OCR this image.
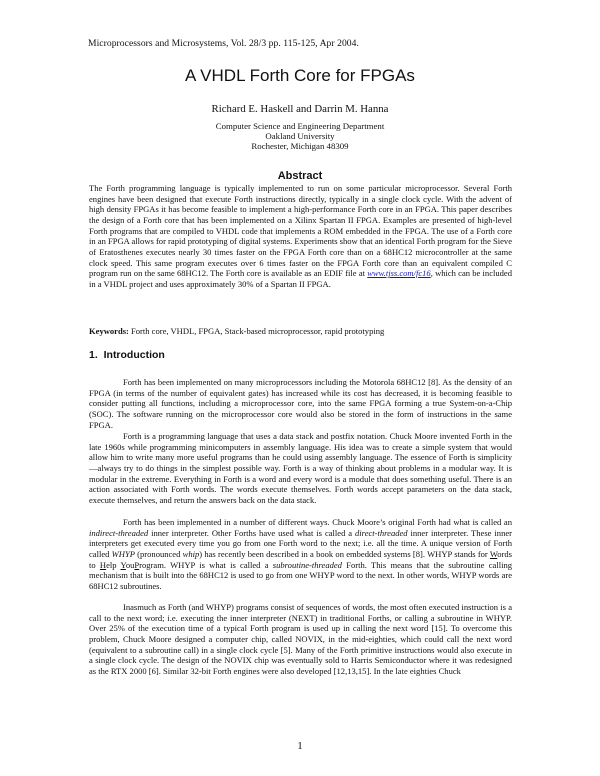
Microprocessors and Microsystems, Vol. 28/3 pp. 115-125, Apr 2004.
A VHDL Forth Core for FPGAs
Richard E. Haskell and Darrin M. Hanna
Computer Science and Engineering Department
Oakland University
Rochester, Michigan 48309
Abstract

The Forth programming language is typically implemented to run on some particular microprocessor. Several Forth engines have been designed that execute Forth instructions directly, typically in a single clock cycle. With the advent of high density FPGAs it has become feasible to implement a high-performance Forth core in an FPGA. This paper describes the design of a Forth core that has been implemented on a Xilinx Spartan II FPGA. Examples are presented of high-level Forth programs that are compiled to VHDL code that implements a ROM embedded in the FPGA. The use of a Forth core in an FPGA allows for rapid prototyping of digital systems. Experiments show that an identical Forth program for the Sieve of Eratosthenes executes nearly 30 times faster on the FPGA Forth core than on a 68HC12 microcontroller at the same clock speed. This same program executes over 6 times faster on the FPGA Forth core than an equivalent compiled C program run on the same 68HC12. The Forth core is available as an EDIF file at www.tjss.com/fc16, which can be included in a VHDL project and uses approximately 30% of a Spartan II FPGA.

Keywords: Forth core, VHDL, FPGA, Stack-based microprocessor, rapid prototyping
1. Introduction

Forth has been implemented on many microprocessors including the Motorola 68HC12 [8]. As the density of an FPGA (in terms of the number of equivalent gates) has increased while its cost has decreased, it is becoming feasible to consider putting all functions, including a microprocessor core, into the same FPGA forming a true System-on-a-Chip (SOC). The software running on the microprocessor core would also be stored in the form of instructions in the same FPGA.

Forth is a programming language that uses a data stack and postfix notation. Chuck Moore invented Forth in the late 1960s while programming minicomputers in assembly language. His idea was to create a simple system that would allow him to write many more useful programs than he could using assembly language. The essence of Forth is simplicity—always try to do things in the simplest possible way. Forth is a way of thinking about problems in a modular way. It is modular in the extreme. Everything in Forth is a word and every word is a module that does something useful. There is an action associated with Forth words. The words execute themselves. Forth words accept parameters on the data stack, execute themselves, and return the answers back on the data stack.

Forth has been implemented in a number of different ways. Chuck Moore’s original Forth had what is called an indirect-threaded inner interpreter. Other Forths have used what is called a direct-threaded inner interpreter. These inner interpreters get executed every time you go from one Forth word to the next; i.e. all the time. A unique version of Forth called WHYP (pronounced whip) has recently been described in a book on embedded systems [8]. WHYP stands for Words to Help YouProgram. WHYP is what is called a subroutine-threaded Forth. This means that the subroutine calling mechanism that is built into the 68HC12 is used to go from one WHYP word to the next. In other words, WHYP words are 68HC12 subroutines.

Inasmuch as Forth (and WHYP) programs consist of sequences of words, the most often executed instruction is a call to the next word; i.e. executing the inner interpreter (NEXT) in traditional Forths, or calling a subroutine in WHYP. Over 25% of the execution time of a typical Forth program is used up in calling the next word [15]. To overcome this problem, Chuck Moore designed a computer chip, called NOVIX, in the mid-eighties, which could call the next word (equivalent to a subroutine call) in a single clock cycle [5]. Many of the Forth primitive instructions would also execute in a single clock cycle. The design of the NOVIX chip was eventually sold to Harris Semiconductor where it was redesigned as the RTX 2000 [6]. Similar 32-bit Forth engines were also developed [12,13,15]. In the late eighties Chuck

1
